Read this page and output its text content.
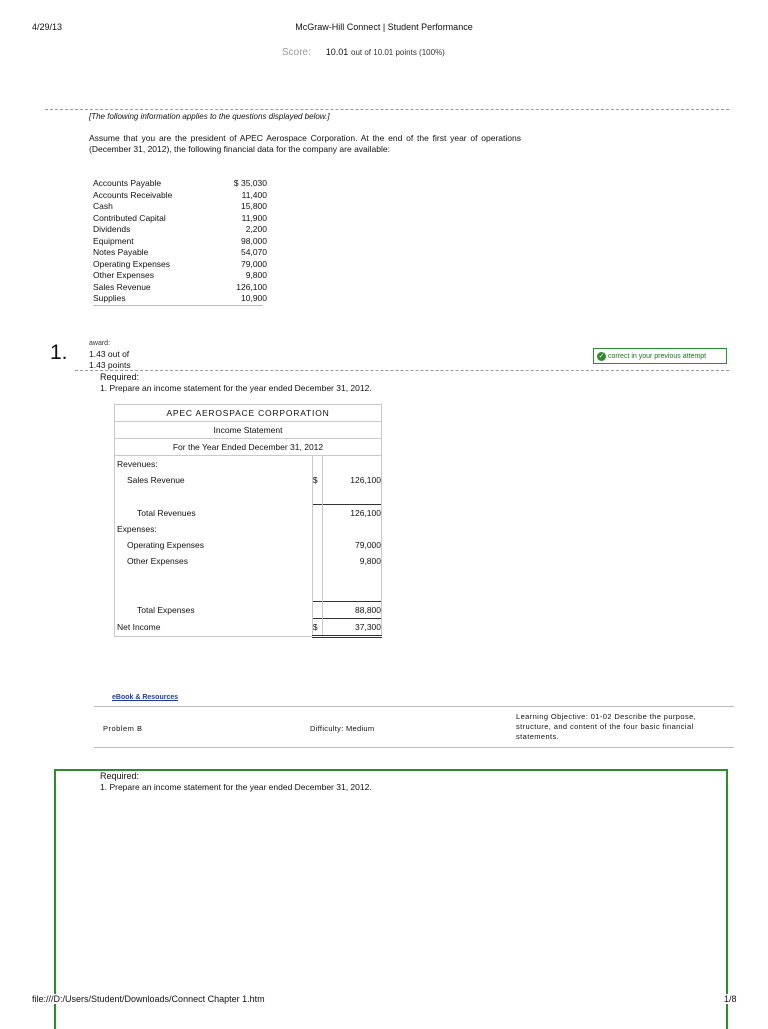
4/29/13	McGraw-Hill Connect | Student Performance
Score: 10.01 out of 10.01 points (100%)
[The following information applies to the questions displayed below.]
Assume that you are the president of APEC Aerospace Corporation. At the end of the first year of operations (December 31, 2012), the following financial data for the company are available:
Accounts Payable	$ 35,030
Accounts Receivable	11,400
Cash	15,800
Contributed Capital	11,900
Dividends	2,200
Equipment	98,000
Notes Payable	54,070
Operating Expenses	79,000
Other Expenses	9,800
Sales Revenue	126,100
Supplies	10,900
1.	award:
1.43 out of
1.43 points
✓ correct in your previous attempt
Required:
1. Prepare an income statement for the year ended December 31, 2012.
APEC AEROSPACE CORPORATION		
Income Statement		
For the Year Ended December 31, 2012		
Revenues:		
Sales Revenue	$	126,100

Total Revenues		126,100
Expenses:		
Operating Expenses		79,000
Other Expenses		9,800

Total Expenses		88,800
Net Income	$	37,300
eBook & Resources
Problem B	Difficulty: Medium
Learning Objective: 01-02 Describe the purpose, structure, and content of the four basic financial statements.
Required:
1. Prepare an income statement for the year ended December 31, 2012.
file:///D:/Users/Student/Downloads/Connect Chapter 1.htm	1/8
